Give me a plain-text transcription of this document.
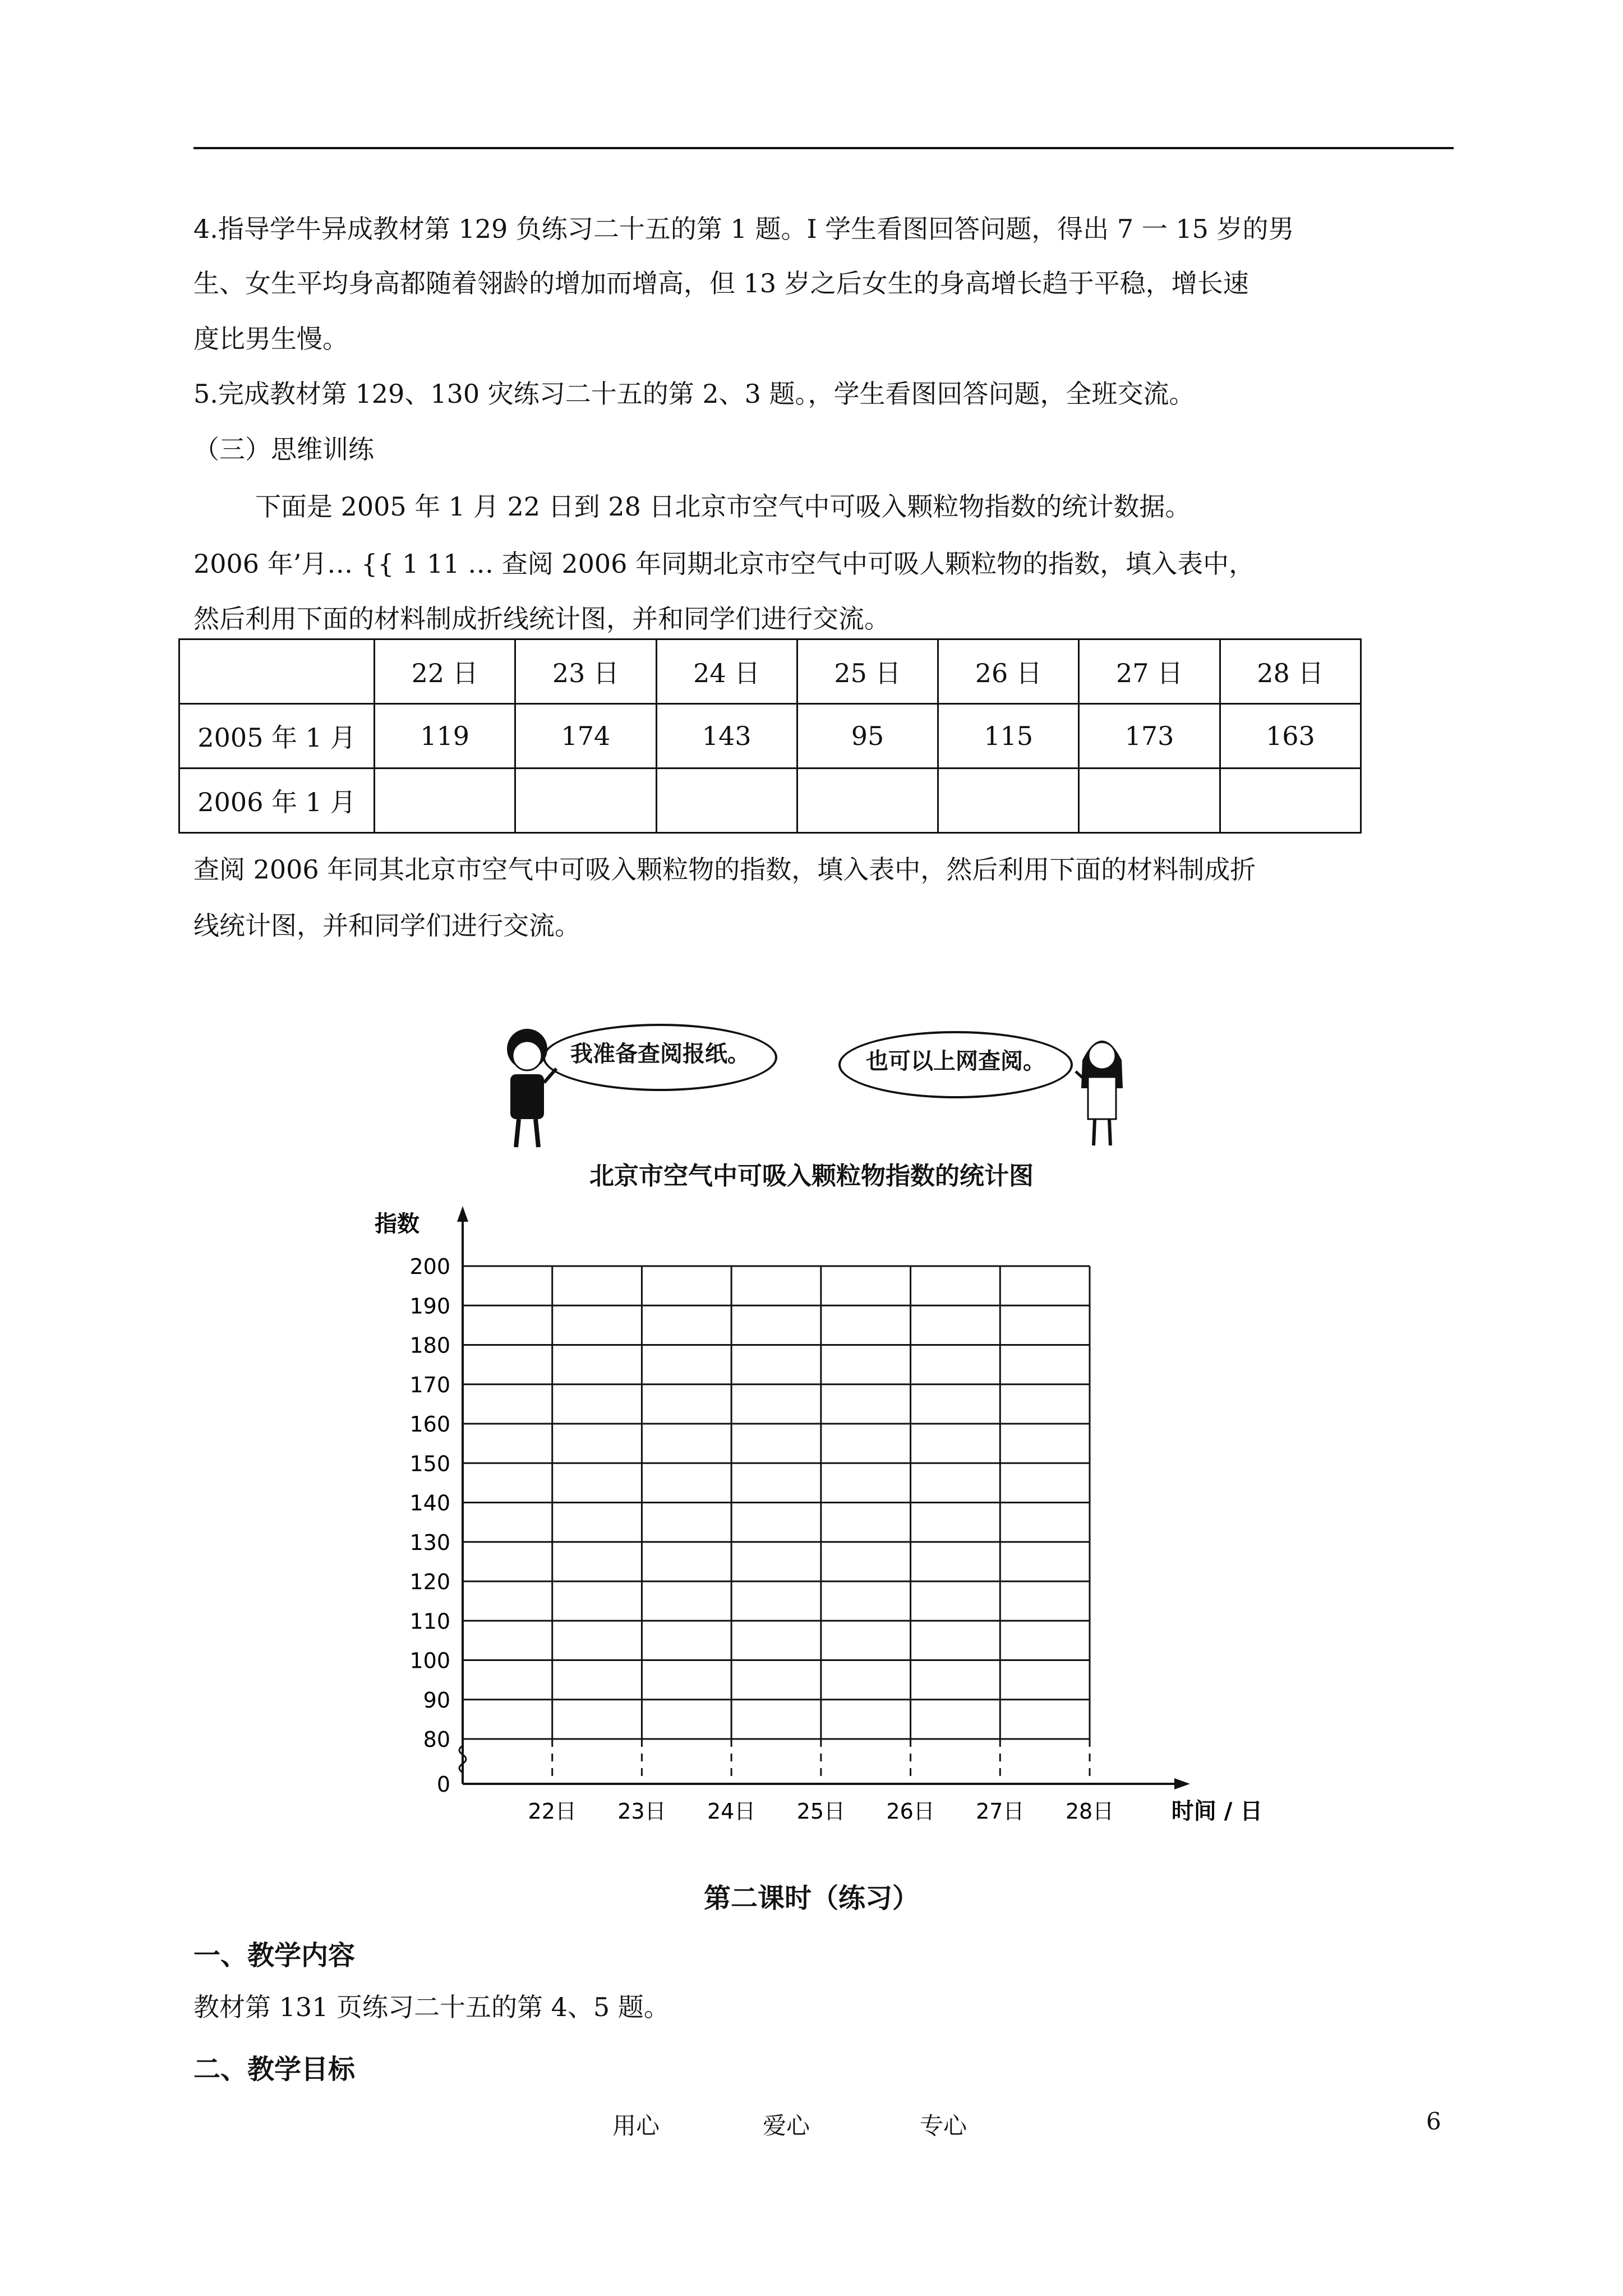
4.指导学牛异成教材第 129 负练习二十五的第 1 题。I 学生看图回答问题，得出 7 一 15 岁的男
生、女生平均身高都随着翎龄的增加而增高，但 13 岁之后女生的身高增长趋于平稳，增长速
度比男生慢。
5.完成教材第 129、130 灾练习二十五的第 2、3 题。，学生看图回答问题，全班交流。
（三）思维训练
下面是 2005 年 1 月 22 日到 28 日北京市空气中可吸入颗粒物指数的统计数据。
2006 年’月… {{ 1 11 … 查阅 2006 年同期北京市空气中可吸人颗粒物的指数，填入表中，
然后利用下面的材料制成折线统计图，并和同学们进行交流。
	22 日	23 日	24 日	25 日	26 日	27 日	28 日
2005 年 1 月	119	174	143	95	115	173	163
2006 年 1 月							
查阅 2006 年同其北京市空气中可吸入颗粒物的指数，填入表中，然后利用下面的材料制成折
线统计图，并和同学们进行交流。
我准备查阅报纸。	也可以上网查阅。
北京市空气中可吸入颗粒物指数的统计图
指数
200
190
180
170
160
150
140
130
120
110
100
90
80
0
22日 23日 24日 25日 26日 27日 28日	时间 / 日
第二课时（练习）
一、教学内容
教材第 131 页练习二十五的第 4、5 题。
二、教学目标
用心	爱心	专心	6
